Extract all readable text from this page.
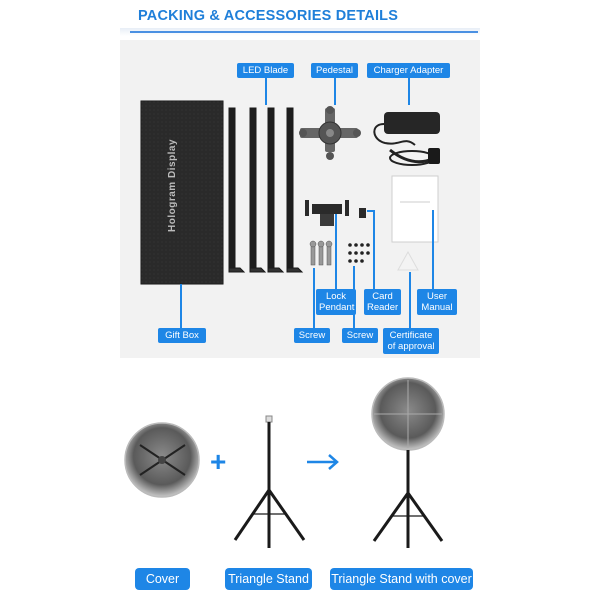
PACKING & ACCESSORIES DETAILS
Hologram Display
LED Blade	Pedestal	Charger Adapter
Gift Box
Lock
Pendant
Card
Reader
User
Manual
Screw	Screw	Certificate
of approval
+
Cover	Triangle Stand Triangle Stand with cover
